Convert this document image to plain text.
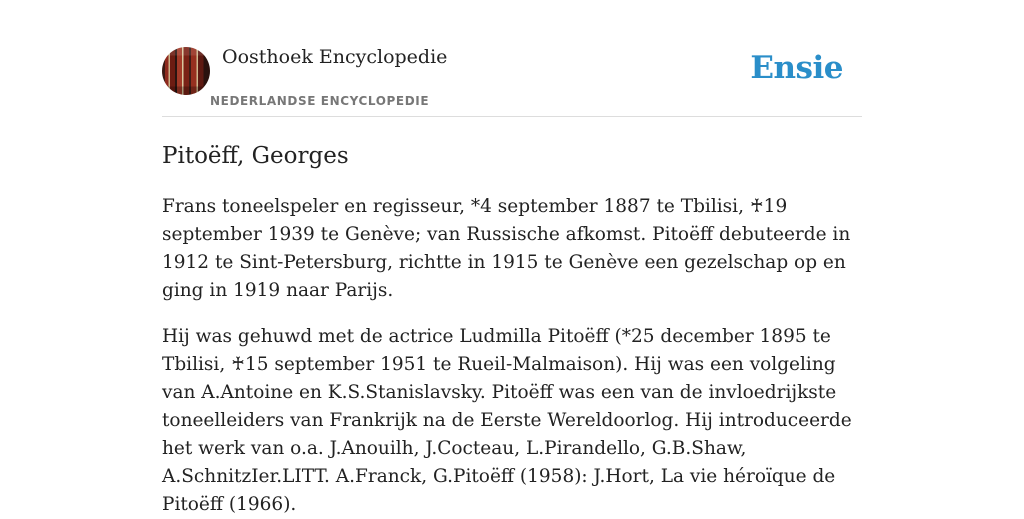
Oosthoek Encyclopedie
NEDERLANDSE ENCYCLOPEDIE
Ensie
Pitoëff, Georges

Frans toneelspeler en regisseur, *4 september 1887 te Tbilisi, ♰19 september 1939 te Genève; van Russische afkomst. Pitoëff debuteerde in 1912 te Sint-Petersburg, richtte in 1915 te Genève een gezelschap op en ging in 1919 naar Parijs.

Hij was gehuwd met de actrice Ludmilla Pitoëff (*25 december 1895 te Tbilisi, ♰15 september 1951 te Rueil-Malmaison). Hij was een volgeling van A.Antoine en K.S.Stanislavsky. Pitoëff was een van de invloedrijkste toneelleiders van Frankrijk na de Eerste Wereldoorlog. Hij introduceerde het werk van o.a. J.Anouilh, J.Cocteau, L.Pirandello, G.B.Shaw, A.SchnitzIer.LITT. A.Franck, G.Pitoëff (1958): J.Hort, La vie héroïque de Pitoëff (1966).
